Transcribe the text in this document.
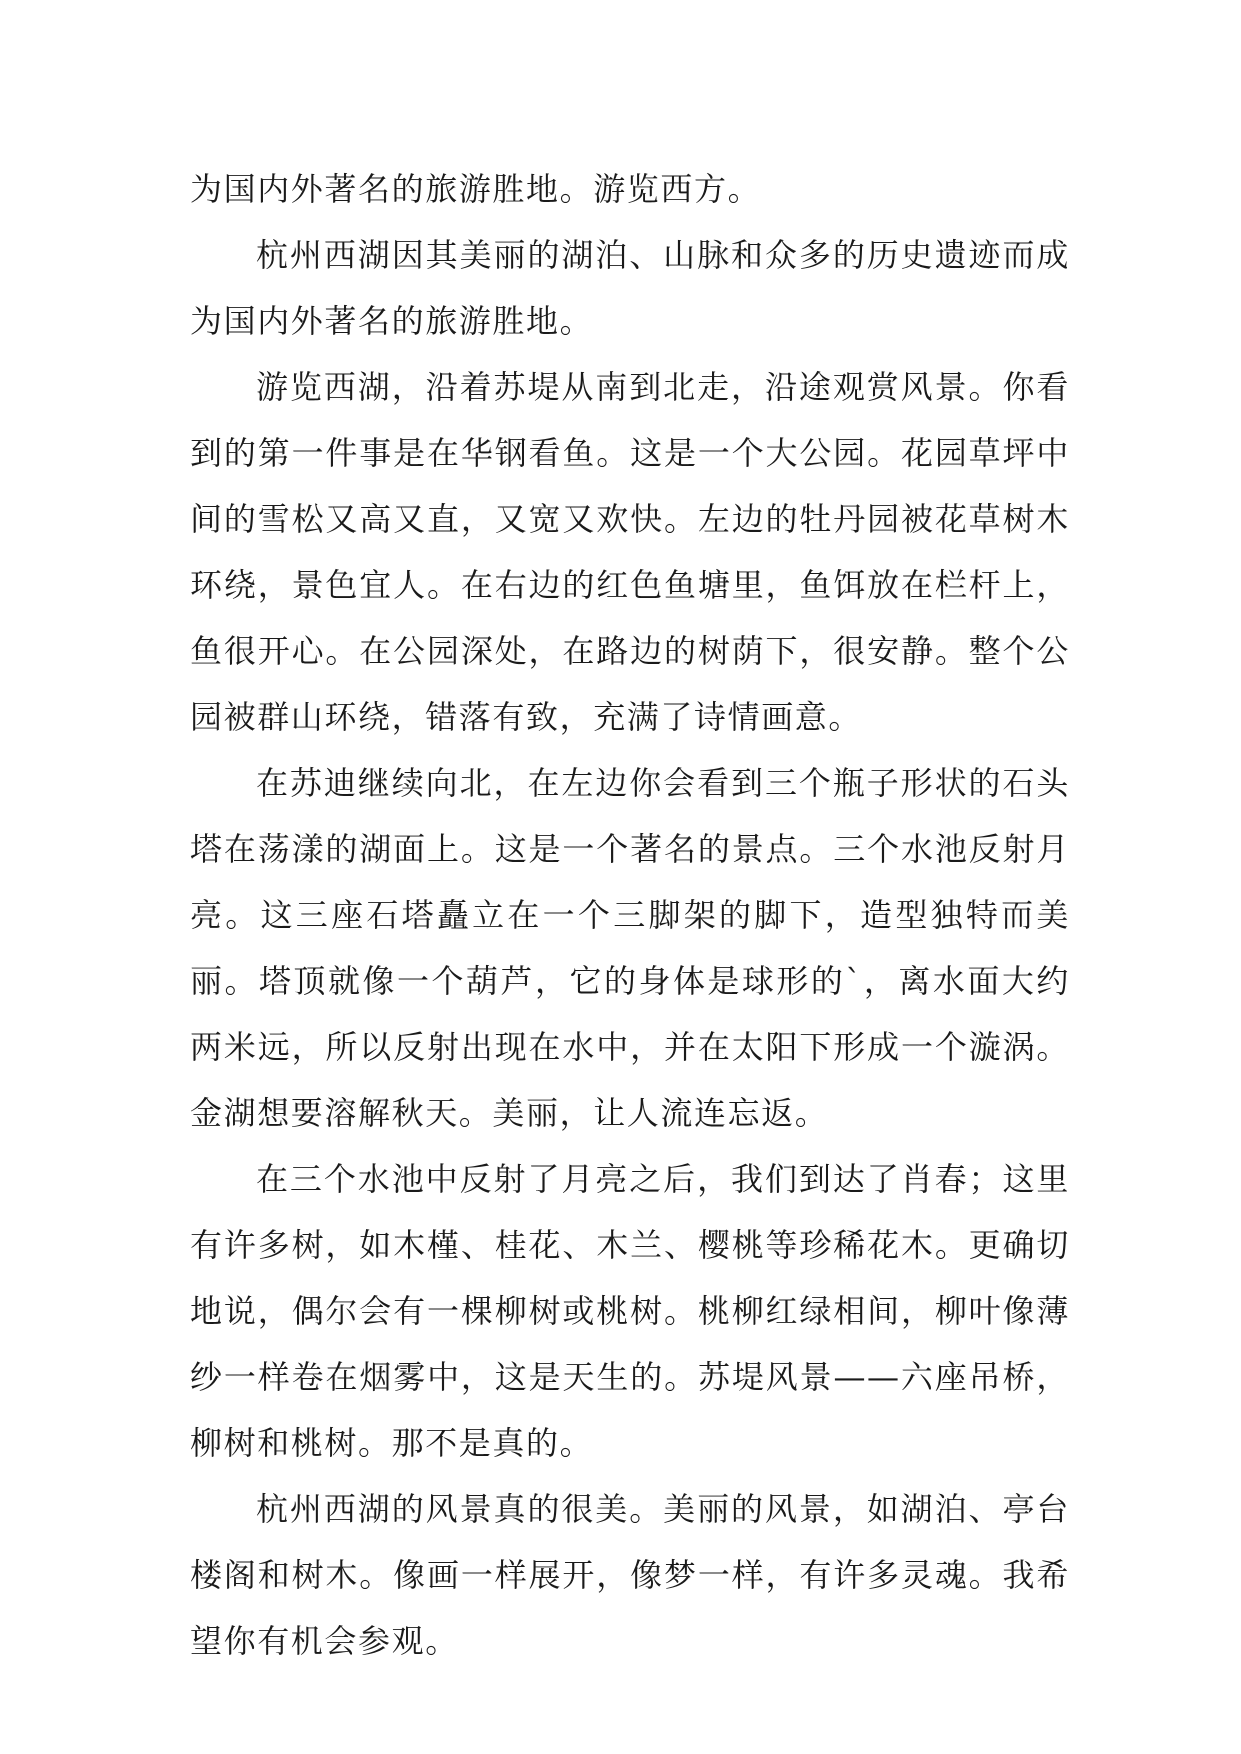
为国内外著名的旅游胜地。游览西方。

杭州西湖因其美丽的湖泊、山脉和众多的历史遗迹而成为国内外著名的旅游胜地。

游览西湖，沿着苏堤从南到北走，沿途观赏风景。你看到的第一件事是在华钢看鱼。这是一个大公园。花园草坪中间的雪松又高又直，又宽又欢快。左边的牡丹园被花草树木环绕，景色宜人。在右边的红色鱼塘里，鱼饵放在栏杆上，鱼很开心。在公园深处，在路边的树荫下，很安静。整个公园被群山环绕，错落有致，充满了诗情画意。

在苏迪继续向北，在左边你会看到三个瓶子形状的石头塔在荡漾的湖面上。这是一个著名的景点。三个水池反射月亮。这三座石塔矗立在一个三脚架的脚下，造型独特而美丽。塔顶就像一个葫芦，它的身体是球形的`，离水面大约两米远，所以反射出现在水中，并在太阳下形成一个漩涡。金湖想要溶解秋天。美丽，让人流连忘返。

在三个水池中反射了月亮之后，我们到达了肖春；这里有许多树，如木槿、桂花、木兰、樱桃等珍稀花木。更确切地说，偶尔会有一棵柳树或桃树。桃柳红绿相间，柳叶像薄纱一样卷在烟雾中，这是天生的。苏堤风景——六座吊桥，柳树和桃树。那不是真的。

杭州西湖的风景真的很美。美丽的风景，如湖泊、亭台楼阁和树木。像画一样展开，像梦一样，有许多灵魂。我希望你有机会参观。
